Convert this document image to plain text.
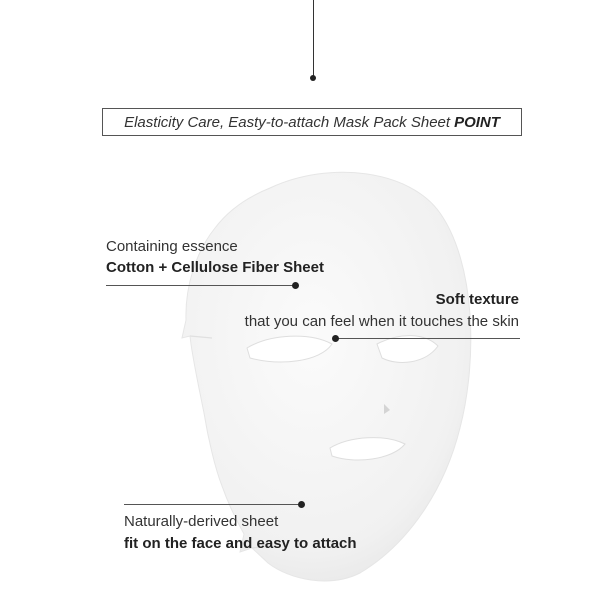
Elasticity Care, Easty-to-attach Mask Pack Sheet POINT
Containing essence
Cotton + Cellulose Fiber Sheet
Soft texture
that you can feel when it touches the skin
Naturally-derived sheet
fit on the face and easy to attach
